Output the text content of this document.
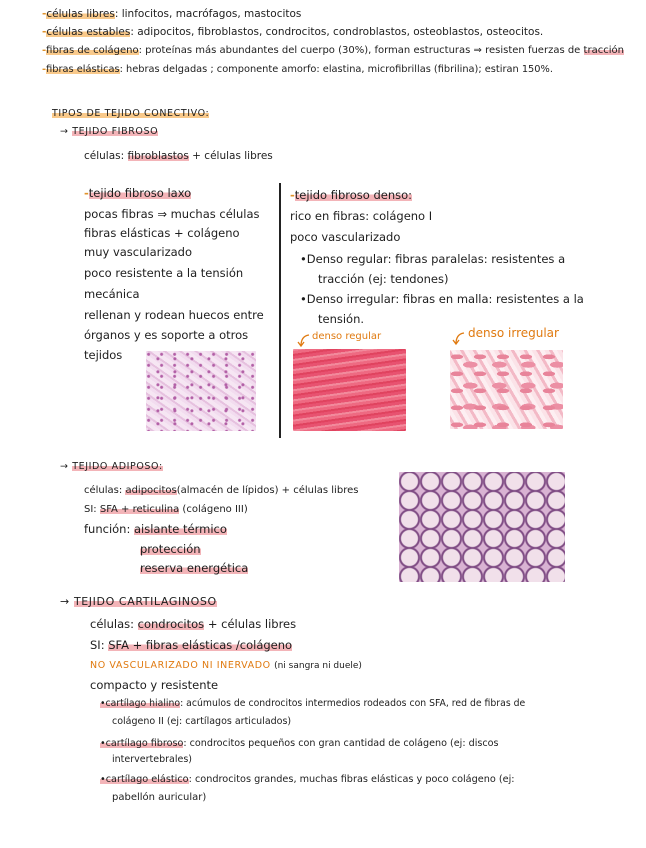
-células libres: linfocitos, macrófagos, mastocitos
-células estables: adipocitos, fibroblastos, condrocitos, condroblastos, osteoblastos, osteocitos.
-fibras de colágeno: proteínas más abundantes del cuerpo (30%), forman estructuras ⇒ resisten fuerzas de tracción
-fibras elásticas: hebras delgadas ; componente amorfo: elastina, microfibrillas (fibrilina); estiran 150%.
TIPOS DE TEJIDO CONECTIVO:
→ TEJIDO FIBROSO
células: fibroblastos + células libres
-tejido fibroso laxo
pocas fibras ⇒ muchas células
fibras elásticas + colágeno
muy vascularizado
poco resistente a la tensión
mecánica
rellenan y rodean huecos entre
órganos y es soporte a otros
tejidos
-tejido fibroso denso:
rico en fibras: colágeno I
poco vascularizado
•Denso regular: fibras paralelas: resistentes a
tracción (ej: tendones)
•Denso irregular: fibras en malla: resistentes a la
tensión.
denso regular	denso irregular
→ TEJIDO ADIPOSO:
células: adipocitos(almacén de lípidos) + células libres
SI: SFA + reticulina (colágeno III)
función: aislante térmico
protección
reserva energética
→ TEJIDO CARTILAGINOSO
células: condrocitos + células libres
SI: SFA + fibras elásticas /colágeno
NO VASCULARIZADO NI INERVADO (ni sangra ni duele)
compacto y resistente
•cartílago hialino: acúmulos de condrocitos intermedios rodeados con SFA, red de fibras de
colágeno II (ej: cartílagos articulados)
•cartílago fibroso: condrocitos pequeños con gran cantidad de colágeno (ej: discos
intervertebrales)
•cartílago elástico: condrocitos grandes, muchas fibras elásticas y poco colágeno (ej:
pabellón auricular)
